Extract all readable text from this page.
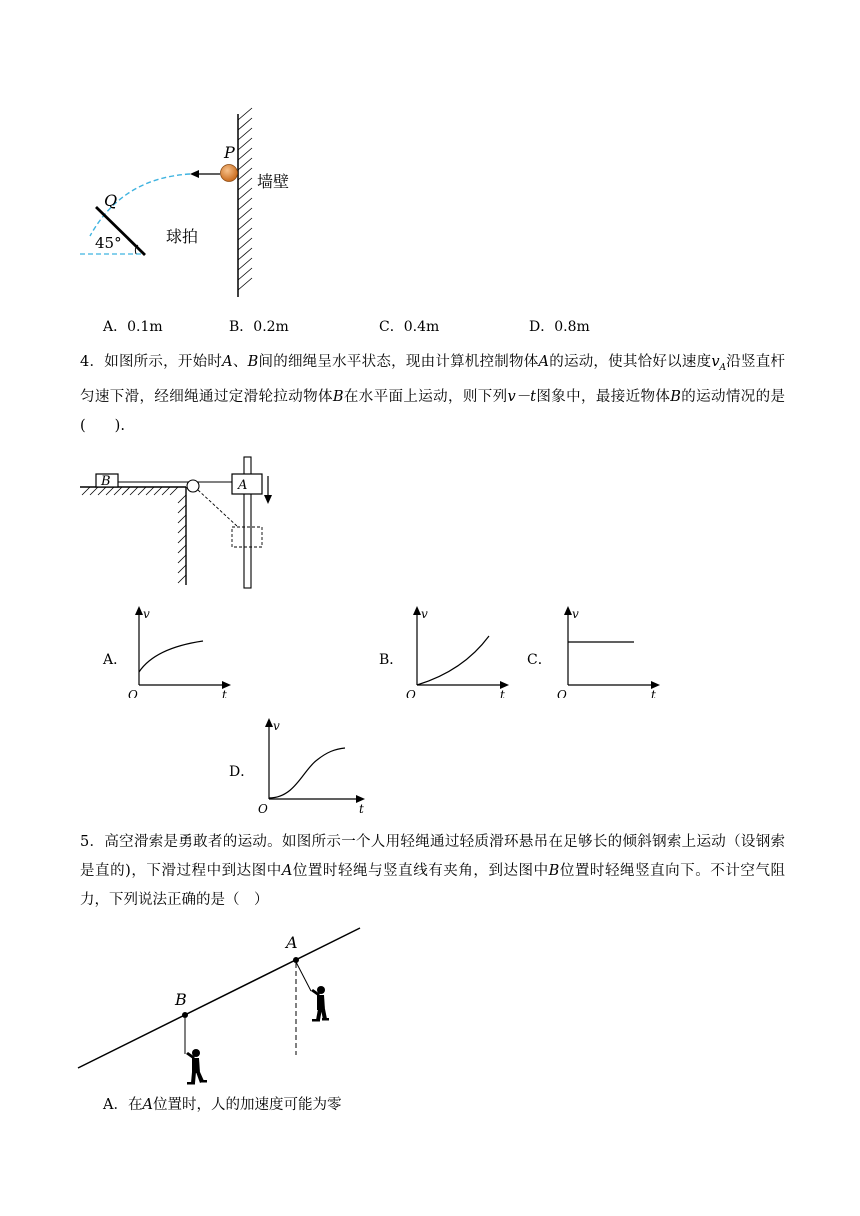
P
Q
墙壁
球拍
45°
A．0.1m	B．0.2m	C．0.4m	D．0.8m
4．如图所示，开始时A、B间的细绳呈水平状态，现由计算机控制物体A的运动，使其恰好以速度$v_A$沿竖直杆匀速下滑，经细绳通过定滑轮拉动物体B在水平面上运动，则下列v－t图象中，最接近物体B的运动情况的是(　　).
B	A
A．
v
t
O
B．
v
t
O
C．
v
t
O
D．
v
t
O
5．高空滑索是勇敢者的运动。如图所示一个人用轻绳通过轻质滑环悬吊在足够长的倾斜钢索上运动（设钢索是直的)，下滑过程中到达图中A位置时轻绳与竖直线有夹角，到达图中B位置时轻绳竖直向下。不计空气阻力，下列说法正确的是（　）
A
B
A．在A位置时，人的加速度可能为零
